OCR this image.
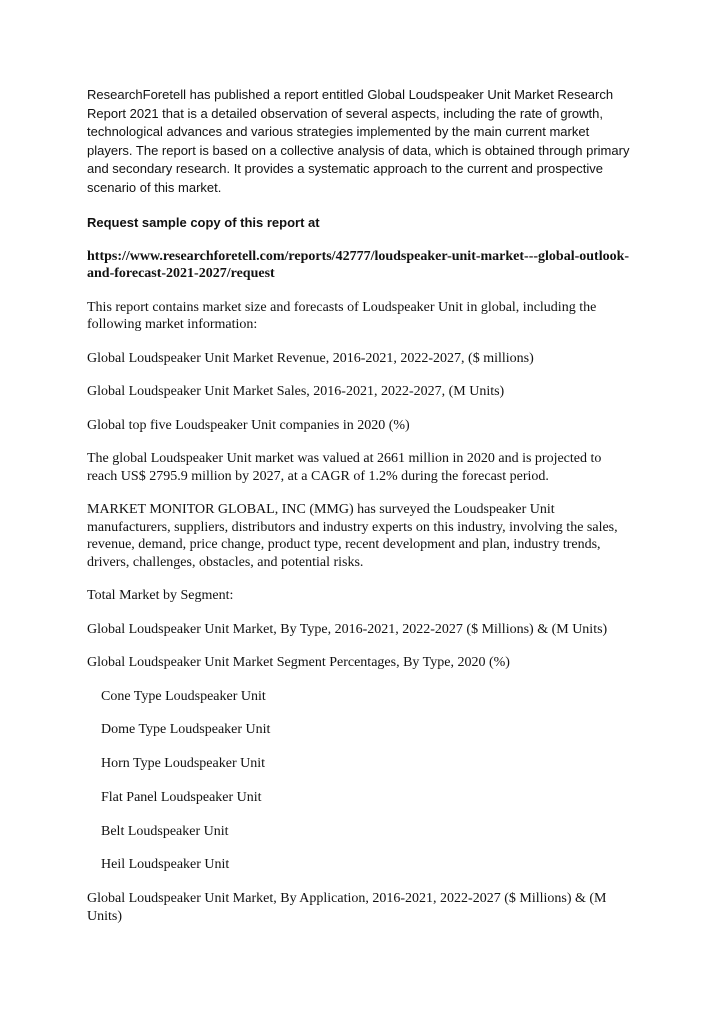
ResearchForetell has published a report entitled Global Loudspeaker Unit Market Research Report 2021 that is a detailed observation of several aspects, including the rate of growth, technological advances and various strategies implemented by the main current market players. The report is based on a collective analysis of data, which is obtained through primary and secondary research. It provides a systematic approach to the current and prospective scenario of this market.

Request sample copy of this report at

https://www.researchforetell.com/reports/42777/loudspeaker-unit-market---global-outlook-and-forecast-2021-2027/request

This report contains market size and forecasts of Loudspeaker Unit in global, including the following market information:

Global Loudspeaker Unit Market Revenue, 2016-2021, 2022-2027, ($ millions)

Global Loudspeaker Unit Market Sales, 2016-2021, 2022-2027, (M Units)

Global top five Loudspeaker Unit companies in 2020 (%)

The global Loudspeaker Unit market was valued at 2661 million in 2020 and is projected to reach US$ 2795.9 million by 2027, at a CAGR of 1.2% during the forecast period.

MARKET MONITOR GLOBAL, INC (MMG) has surveyed the Loudspeaker Unit manufacturers, suppliers, distributors and industry experts on this industry, involving the sales, revenue, demand, price change, product type, recent development and plan, industry trends, drivers, challenges, obstacles, and potential risks.

Total Market by Segment:

Global Loudspeaker Unit Market, By Type, 2016-2021, 2022-2027 ($ Millions) & (M Units)

Global Loudspeaker Unit Market Segment Percentages, By Type, 2020 (%)

Cone Type Loudspeaker Unit

Dome Type Loudspeaker Unit

Horn Type Loudspeaker Unit

Flat Panel Loudspeaker Unit

Belt Loudspeaker Unit

Heil Loudspeaker Unit

Global Loudspeaker Unit Market, By Application, 2016-2021, 2022-2027 ($ Millions) & (M Units)
